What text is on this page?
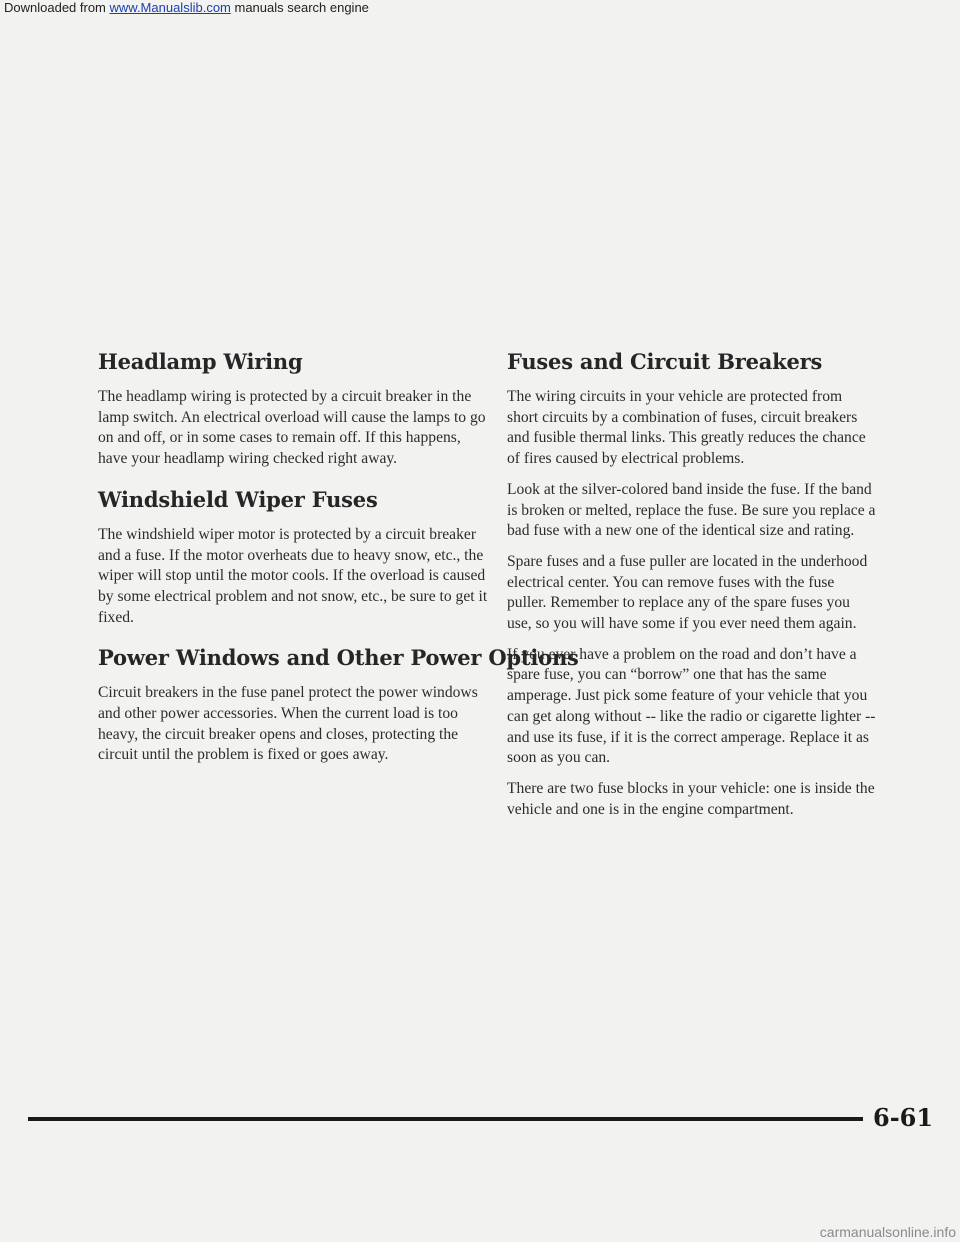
Downloaded from www.Manualslib.com manuals search engine
Headlamp Wiring

The headlamp wiring is protected by a circuit breaker in the lamp switch. An electrical overload will cause the lamps to go on and off, or in some cases to remain off. If this happens, have your headlamp wiring checked right away.

Windshield Wiper Fuses

The windshield wiper motor is protected by a circuit breaker and a fuse. If the motor overheats due to heavy snow, etc., the wiper will stop until the motor cools. If the overload is caused by some electrical problem and not snow, etc., be sure to get it fixed.

Power Windows and Other Power Options

Circuit breakers in the fuse panel protect the power windows and other power accessories. When the current load is too heavy, the circuit breaker opens and closes, protecting the circuit until the problem is fixed or goes away.

Fuses and Circuit Breakers

The wiring circuits in your vehicle are protected from short circuits by a combination of fuses, circuit breakers and fusible thermal links. This greatly reduces the chance of fires caused by electrical problems.

Look at the silver-colored band inside the fuse. If the band is broken or melted, replace the fuse. Be sure you replace a bad fuse with a new one of the identical size and rating.

Spare fuses and a fuse puller are located in the underhood electrical center. You can remove fuses with the fuse puller. Remember to replace any of the spare fuses you use, so you will have some if you ever need them again.

If you ever have a problem on the road and don’t have a spare fuse, you can “borrow” one that has the same amperage. Just pick some feature of your vehicle that you can get along without -- like the radio or cigarette lighter -- and use its fuse, if it is the correct amperage. Replace it as soon as you can.

There are two fuse blocks in your vehicle: one is inside the vehicle and one is in the engine compartment.

6-61
carmanualsonline.info
